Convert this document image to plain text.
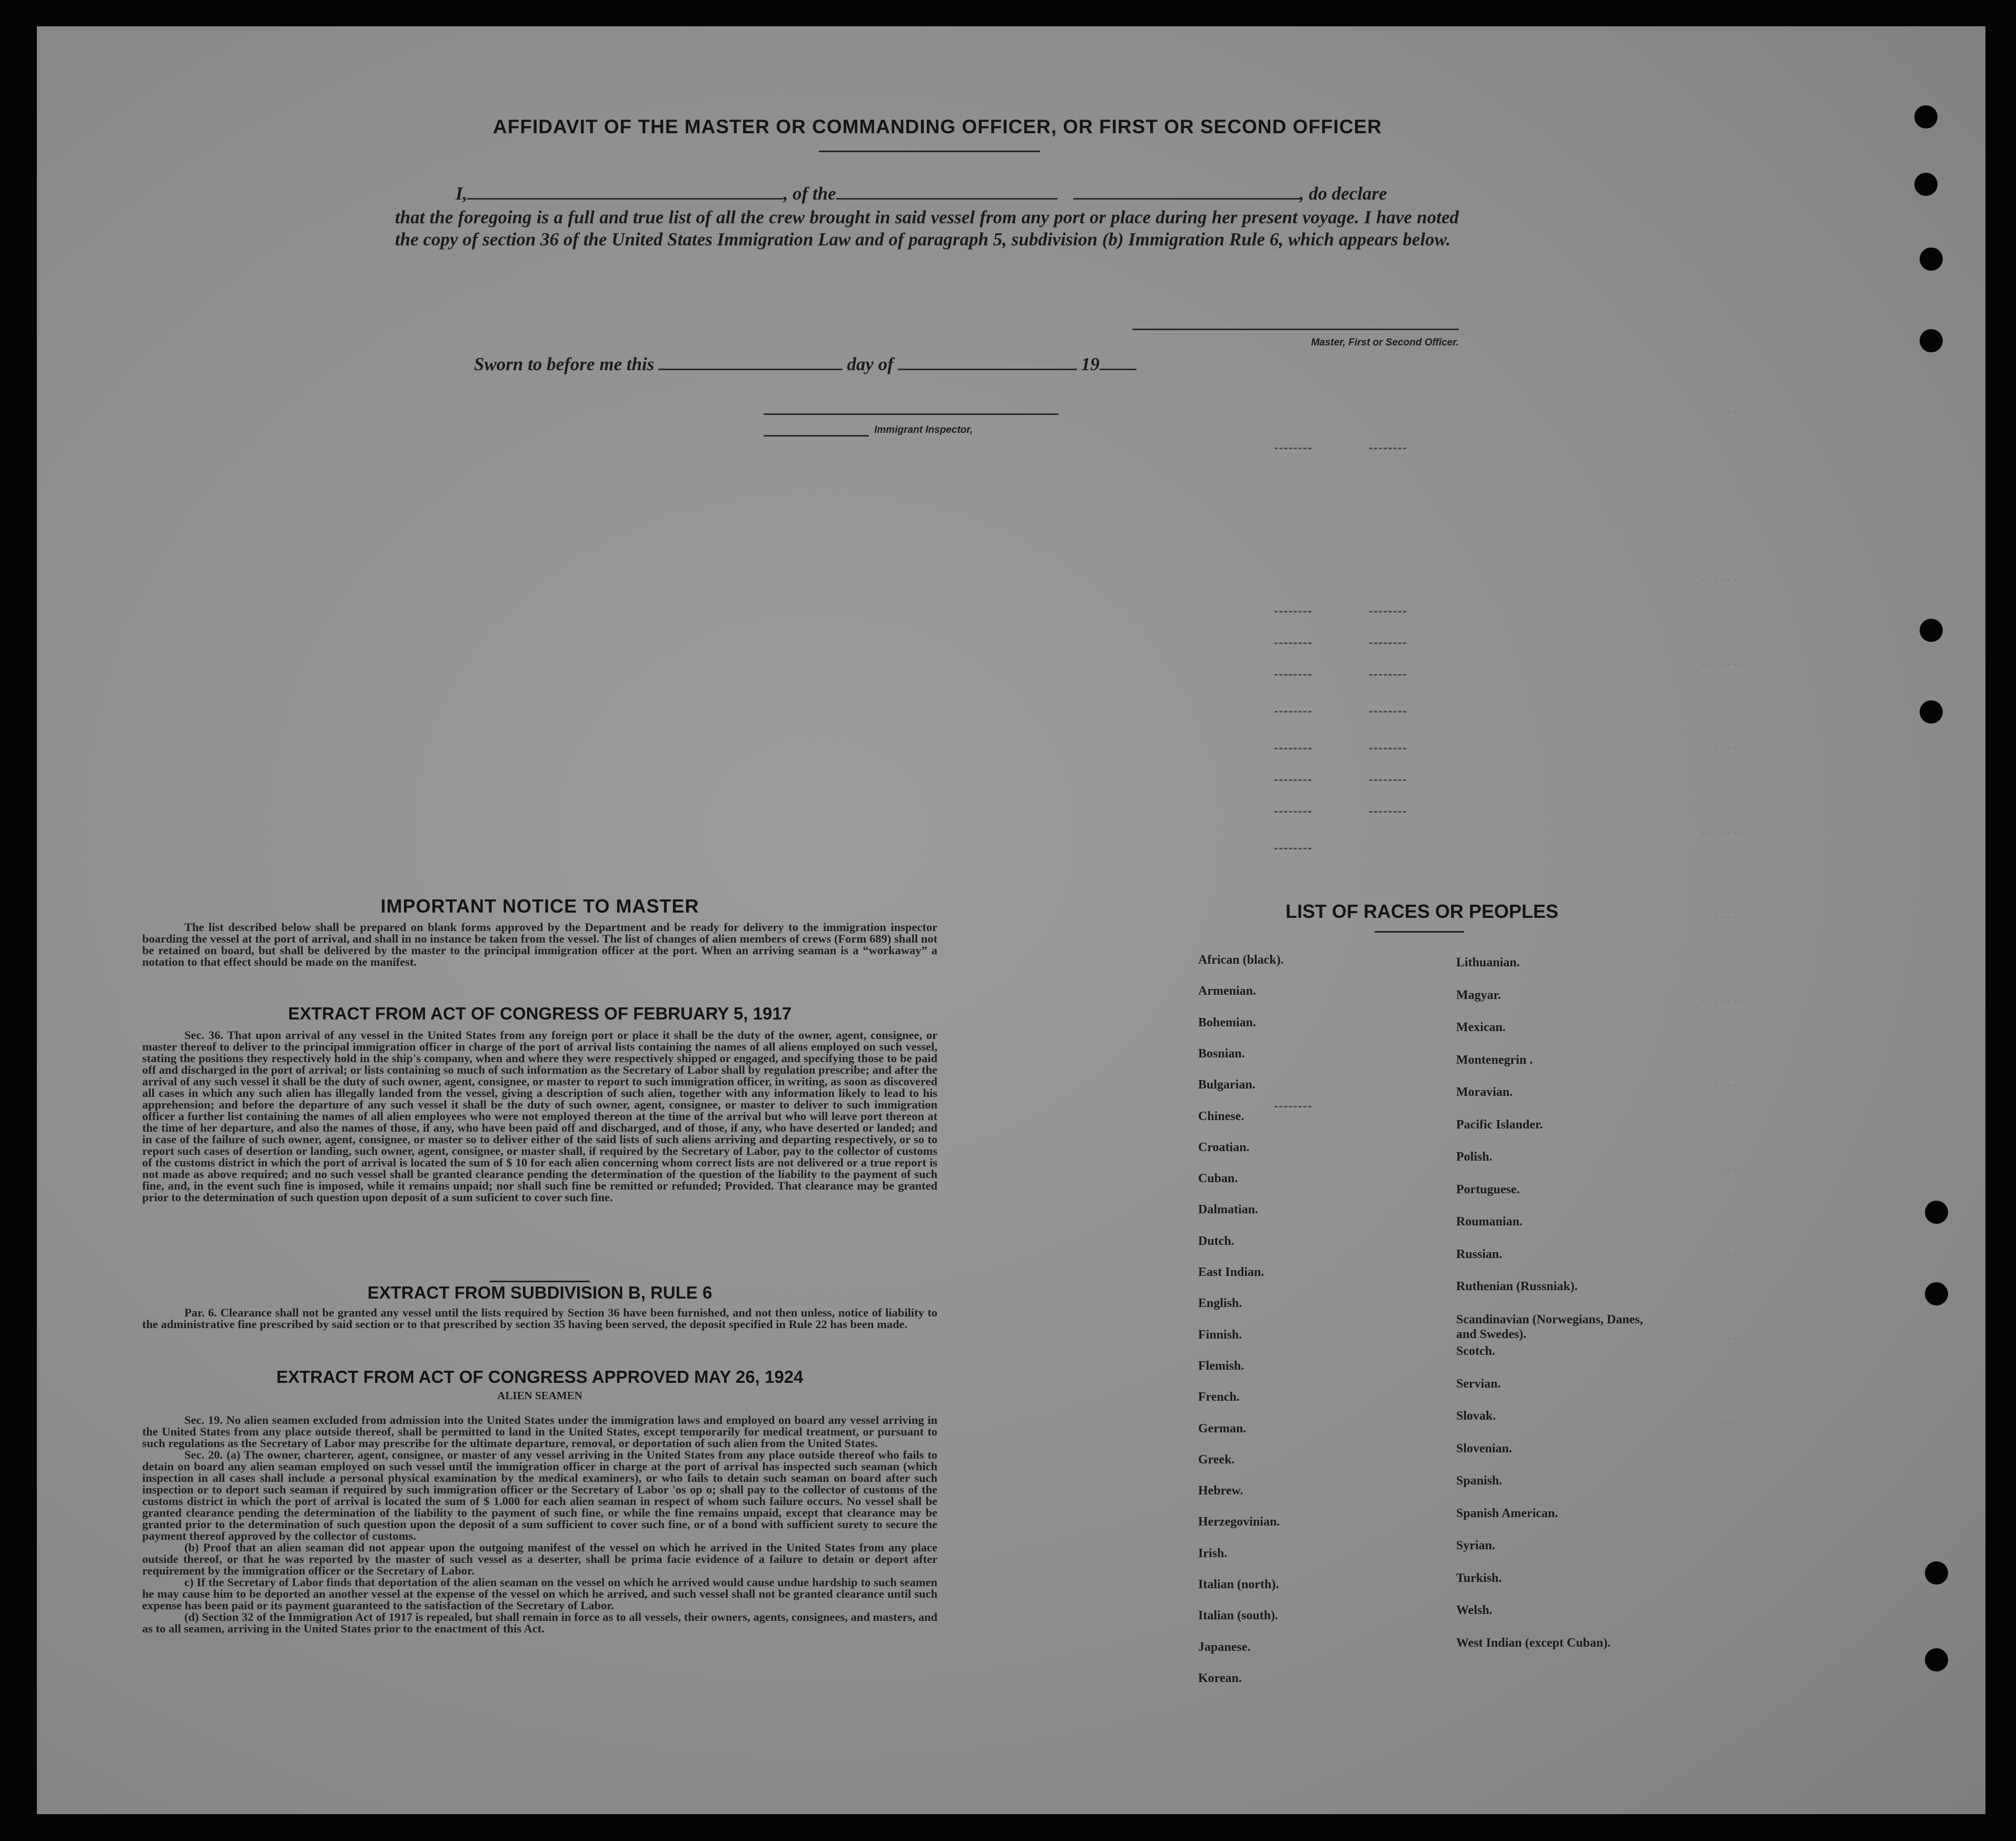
- - - - - - -
- - - - - - -
- - - - - - -
- - - - - - -
- - - - - - -
- - - - - - -
- - - - - - -
- - - - - - -
- - - - - - -
- - - - - - -
- - - - - - -
- - - - - - -
- - - - - - -
AFFIDAVIT OF THE MASTER OR COMMANDING OFFICER, OR FIRST OR SECOND OFFICER
I,	, of the	, do declare
that the foregoing is a full and true list of all the crew brought in said vessel from any port or place during her present voyage. I have noted the copy of section 36 of the United States Immigration Law and of paragraph 5, subdivision (b) Immigration Rule 6, which appears below.
Master, First or Second Officer.
Sworn to before me this	day of	19
Immigrant Inspector,
IMPORTANT NOTICE TO MASTER

The list described below shall be prepared on blank forms approved by the Department and be ready for delivery to the immigration inspector boarding the vessel at the port of arrival, and shall in no instance be taken from the vessel. The list of changes of alien members of crews (Form 689) shall not be retained on board, but shall be delivered by the master to the principal immigration officer at the port. When an arriving seaman is a “workaway” a notation to that effect should be made on the manifest.

EXTRACT FROM ACT OF CONGRESS OF FEBRUARY 5, 1917

Sec. 36. That upon arrival of any vessel in the United States from any foreign port or place it shall be the duty of the owner, agent, consignee, or master thereof to deliver to the principal immigration officer in charge of the port of arrival lists containing the names of all aliens employed on such vessel, stating the positions they respectively hold in the ship's company, when and where they were respectively shipped or engaged, and specifying those to be paid off and discharged in the port of arrival; or lists containing so much of such information as the Secretary of Labor shall by regulation prescribe; and after the arrival of any such vessel it shall be the duty of such owner, agent, consignee, or master to report to such immigration officer, in writing, as soon as discovered all cases in which any such alien has illegally landed from the vessel, giving a description of such alien, together with any information likely to lead to his apprehension; and before the departure of any such vessel it shall be the duty of such owner, agent, consignee, or master to deliver to such immigration officer a further list containing the names of all alien employees who were not employed thereon at the time of the arrival but who will leave port thereon at the time of her departure, and also the names of those, if any, who have been paid off and discharged, and of those, if any, who have deserted or landed; and in case of the failure of such owner, agent, consignee, or master so to deliver either of the said lists of such aliens arriving and departing respectively, or so to report such cases of desertion or landing, such owner, agent, consignee, or master shall, if required by the Secretary of Labor, pay to the collector of customs of the customs district in which the port of arrival is located the sum of $ 10 for each alien concerning whom correct lists are not delivered or a true report is not made as above required; and no such vessel shall be granted clearance pending the determination of the question of the liability to the payment of such fine, and, in the event such fine is imposed, while it remains unpaid; nor shall such fine be remitted or refunded; Provided. That clearance may be granted prior to the determination of such question upon deposit of a sum suficient to cover such fine.

EXTRACT FROM SUBDIVISION B, RULE 6

Par. 6. Clearance shall not be granted any vessel until the lists required by Section 36 have been furnished, and not then unless, notice of liability to the administrative fine prescribed by said section or to that prescribed by section 35 having been served, the deposit specified in Rule 22 has been made.

EXTRACT FROM ACT OF CONGRESS APPROVED MAY 26, 1924
ALIEN SEAMEN

Sec. 19. No alien seamen excluded from admission into the United States under the immigration laws and employed on board any vessel arriving in the United States from any place outside thereof, shall be permitted to land in the United States, except temporarily for medical treatment, or pursuant to such regulations as the Secretary of Labor may prescribe for the ultimate departure, removal, or deportation of such alien from the United States.

Sec. 20. (a) The owner, charterer, agent, consignee, or master of any vessel arriving in the United States from any place outside thereof who fails to detain on board any alien seaman employed on such vessel until the immigration officer in charge at the port of arrival has inspected such seaman (which inspection in all cases shall include a personal physical examination by the medical examiners), or who fails to detain such seaman on board after such inspection or to deport such seaman if required by such immigration officer or the Secretary of Labor 'os op o; shall pay to the collector of customs of the customs district in which the port of arrival is located the sum of $ 1.000 for each alien seaman in respect of whom such failure occurs. No vessel shall be granted clearance pending the determination of the liability to the payment of such fine, or while the fine remains unpaid, except that clearance may be granted prior to the determination of such question upon the deposit of a sum sufficient to cover such fine, or of a bond with sufficient surety to secure the payment thereof approved by the collector of customs.

(b) Proof that an alien seaman did not appear upon the outgoing manifest of the vessel on which he arrived in the United States from any place outside thereof, or that he was reported by the master of such vessel as a deserter, shall be prima facie evidence of a failure to detain or deport after requirement by the immigration officer or the Secretary of Labor.

c) If the Secretary of Labor finds that deportation of the alien seaman on the vessel on which he arrived would cause undue hardship to such seamen he may cause him to be deported an another vessel at the expense of the vessel on which he arrived, and such vessel shall not be granted clearance until such expense has been paid or its payment guaranteed to the satisfaction of the Secretary of Labor.

(d) Section 32 of the Immigration Act of 1917 is repealed, but shall remain in force as to all vessels, their owners, agents, consignees, and masters, and as to all seamen, arriving in the United States prior to the enactment of this Act.

LIST OF RACES OR PEOPLES
African (black).
Armenian.
Bohemian.
Bosnian.
Bulgarian.
Chinese.
Croatian.
Cuban.
Dalmatian.
Dutch.
East Indian.
English.
Finnish.
Flemish.
French.
German.
Greek.
Hebrew.
Herzegovinian.
Irish.
Italian (north).
Italian (south).
Japanese.
Korean.
Lithuanian.
Magyar.
Mexican.
Montenegrin .
Moravian.
Pacific Islander.
Polish.
Portuguese.
Roumanian.
Russian.
Ruthenian (Russniak).
Scandinavian (Norwegians, Danes, and Swedes).
Scotch.
Servian.
Slovak.
Slovenian.
Spanish.
Spanish American.
Syrian.
Turkish.
Welsh.
West Indian (except Cuban).
